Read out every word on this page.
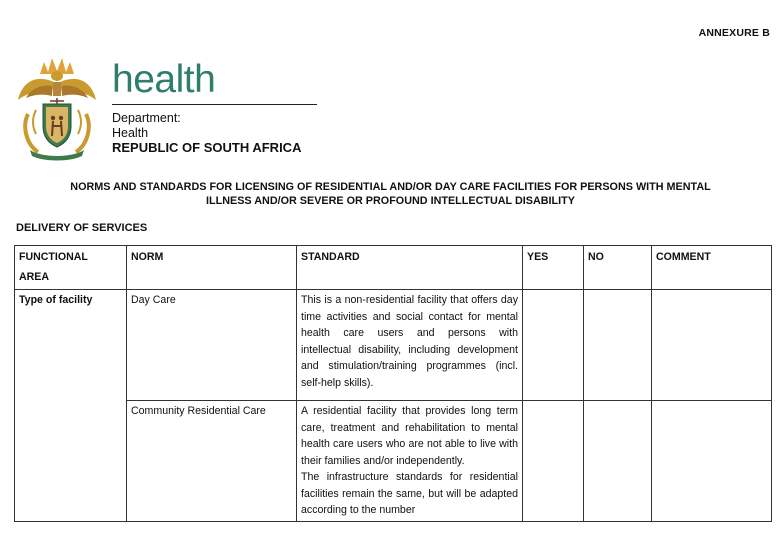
ANNEXURE B
health
Department:
Health
REPUBLIC OF SOUTH AFRICA
NORMS AND STANDARDS FOR LICENSING OF RESIDENTIAL AND/OR DAY CARE FACILITIES FOR PERSONS WITH MENTAL
ILLNESS AND/OR SEVERE OR PROFOUND INTELLECTUAL DISABILITY
DELIVERY OF SERVICES
FUNCTIONAL
AREA	NORM	STANDARD	YES	NO	COMMENT
Type of facility	Day Care	This is a non-residential facility that offers day time activities and social contact for mental health care users and persons with intellectual disability, including development and stimulation/training programmes (incl. self-help skills).			
	Community Residential Care	A residential facility that provides long term care, treatment and rehabilitation to mental health care users who are not able to live with their families and/or independently.
The infrastructure standards for residential facilities remain the same, but will be adapted according to the number			
